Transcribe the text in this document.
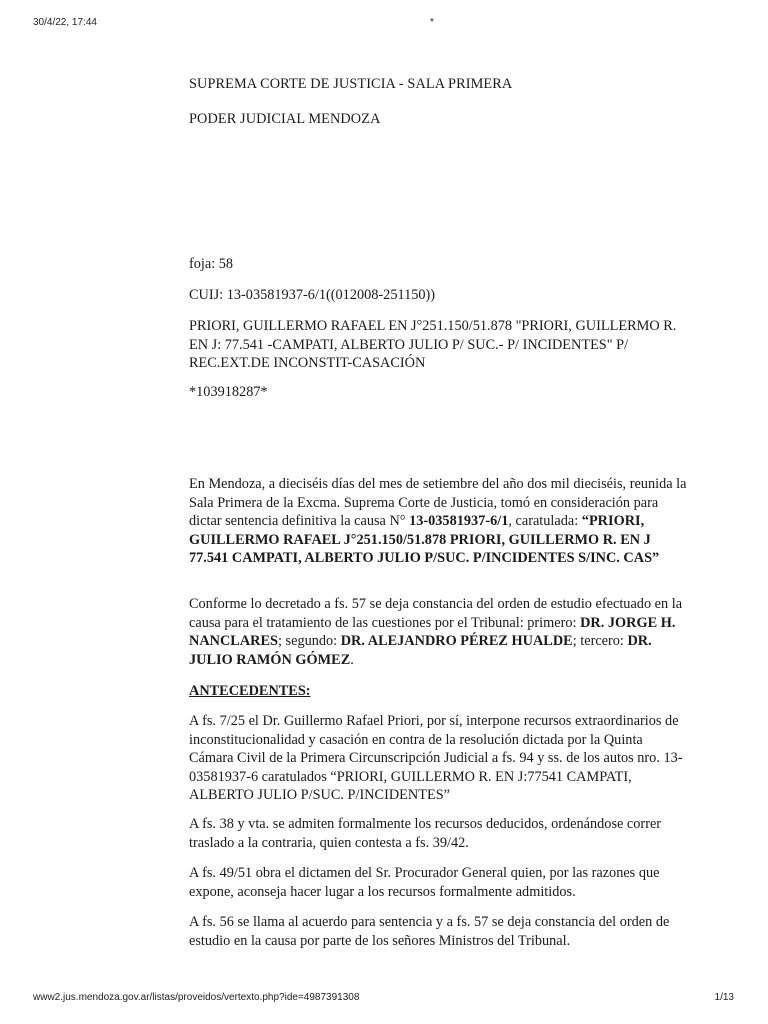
30/4/22, 17:44	*
SUPREMA CORTE DE JUSTICIA - SALA PRIMERA
PODER JUDICIAL MENDOZA
foja: 58
CUIJ: 13-03581937-6/1((012008-251150))
PRIORI, GUILLERMO RAFAEL EN J°251.150/51.878 "PRIORI, GUILLERMO R. EN J: 77.541 -CAMPATI, ALBERTO JULIO P/ SUC.- P/ INCIDENTES" P/ REC.EXT.DE INCONSTIT-CASACIÓN
*103918287*
En Mendoza, a dieciséis días del mes de setiembre del año dos mil dieciséis, reunida la Sala Primera de la Excma. Suprema Corte de Justicia, tomó en consideración para dictar sentencia definitiva la causa N° 13-03581937-6/1, caratulada: “PRIORI, GUILLERMO RAFAEL J°251.150/51.878 PRIORI, GUILLERMO R. EN J 77.541 CAMPATI, ALBERTO JULIO P/SUC. P/INCIDENTES S/INC. CAS”
Conforme lo decretado a fs. 57 se deja constancia del orden de estudio efectuado en la causa para el tratamiento de las cuestiones por el Tribunal: primero: DR. JORGE H. NANCLARES; segundo: DR. ALEJANDRO PÉREZ HUALDE; tercero: DR. JULIO RAMÓN GÓMEZ.
ANTECEDENTES:
A fs. 7/25 el Dr. Guillermo Rafael Priori, por sí, interpone recursos extraordinarios de inconstitucionalidad y casación en contra de la resolución dictada por la Quinta Cámara Civil de la Primera Circunscripción Judicial a fs. 94 y ss. de los autos nro. 13-03581937-6 caratulados “PRIORI, GUILLERMO R. EN J:77541 CAMPATI, ALBERTO JULIO P/SUC. P/INCIDENTES”
A fs. 38 y vta. se admiten formalmente los recursos deducidos, ordenándose correr traslado a la contraria, quien contesta a fs. 39/42.
A fs. 49/51 obra el dictamen del Sr. Procurador General quien, por las razones que expone, aconseja hacer lugar a los recursos formalmente admitidos.
A fs. 56 se llama al acuerdo para sentencia y a fs. 57 se deja constancia del orden de estudio en la causa por parte de los señores Ministros del Tribunal.
www2.jus.mendoza.gov.ar/listas/proveidos/vertexto.php?ide=4987391308	1/13
